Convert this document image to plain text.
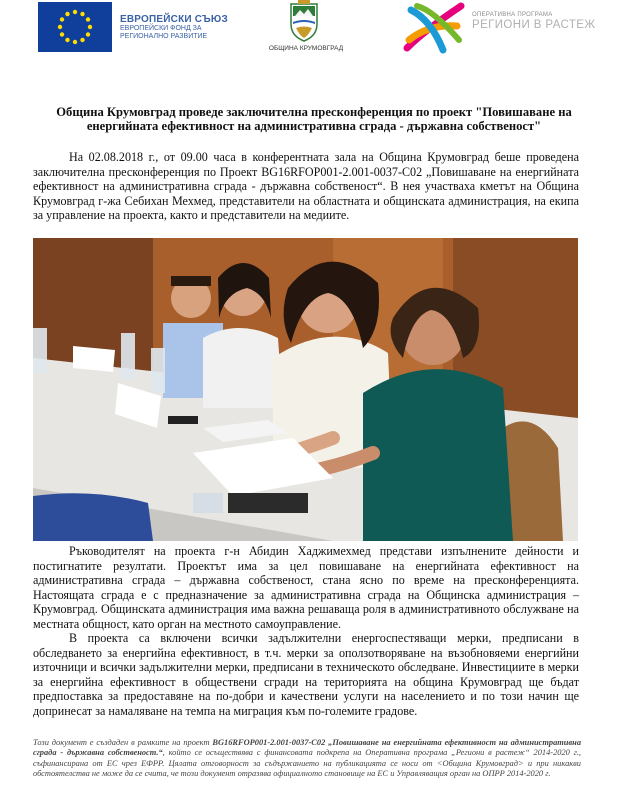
ЕВРОПЕЙСКИ СЪЮЗ
ЕВРОПЕЙСКИ ФОНД ЗА
РЕГИОНАЛНО РАЗВИТИЕ
ОБЩИНА КРУМОВГРАД
ОПЕРАТИВНА ПРОГРАМА
РЕГИОНИ В РАСТЕЖ
Община Крумовград проведе заключителна пресконференция по проект "Повишаване на енергийната ефективност на административна сграда - държавна собственост"

На 02.08.2018 г., от 09.00 часа в конферентната зала на Община Крумовград беше проведена заключителна пресконференция по Проект BG16RFOP001-2.001-0037-C02 „Повишаване на енергийната ефективност на административна сграда - държавна собственост“. В нея участваха кметът на Община Крумовград г-жа Себихан Мехмед, представители на областната и общинската администрация, на екипа за управление на проекта, както и представители на медиите.

Ръководителят на проекта г-н Абидин Хаджимехмед представи изпълнените дейности и постигнатите резултати. Проектът има за цел повишаване на енергийната ефективност на административна сграда – държавна собственост, стана ясно по време на пресконференцията. Настоящата сграда е с предназначение за административна сграда на Общинска администрация – Крумовград. Общинската администрация има важна решаваща роля в административното обслужване на местната общност, като орган на местното самоуправление.

В проекта са включени всички задължителни енергоспестяващи мерки, предписани в обследването за енергийна ефективност, в т.ч. мерки за оползотворяване на възобновяеми енергийни източници и всички задължителни мерки, предписани в техническото обследване. Инвестициите в мерки за енергийна ефективност в обществени сгради на територията на община Крумовград ще бъдат предпоставка за предоставяне на по-добри и качествени услуги на населението и по този начин ще допринесат за намаляване на темпа на миграция към по-големите градове.

Този документ е създаден в рамките на проект BG16RFOP001-2.001-0037-C02 „Повишаване на енергийната ефективност на административна сграда - държавна собственост.“, който се осъществява с финансовата подкрепа на Оперативна програма „Региони в растеж“ 2014-2020 г., съфинансирана от ЕС чрез ЕФРР. Цялата отговорност за съдържанието на публикацията се носи от <Община Крумовград> и при никакви обстоятелства не може да се счита, че този документ отразява официалното становище на ЕС и Управляващия орган на ОПРР 2014-2020 г.
